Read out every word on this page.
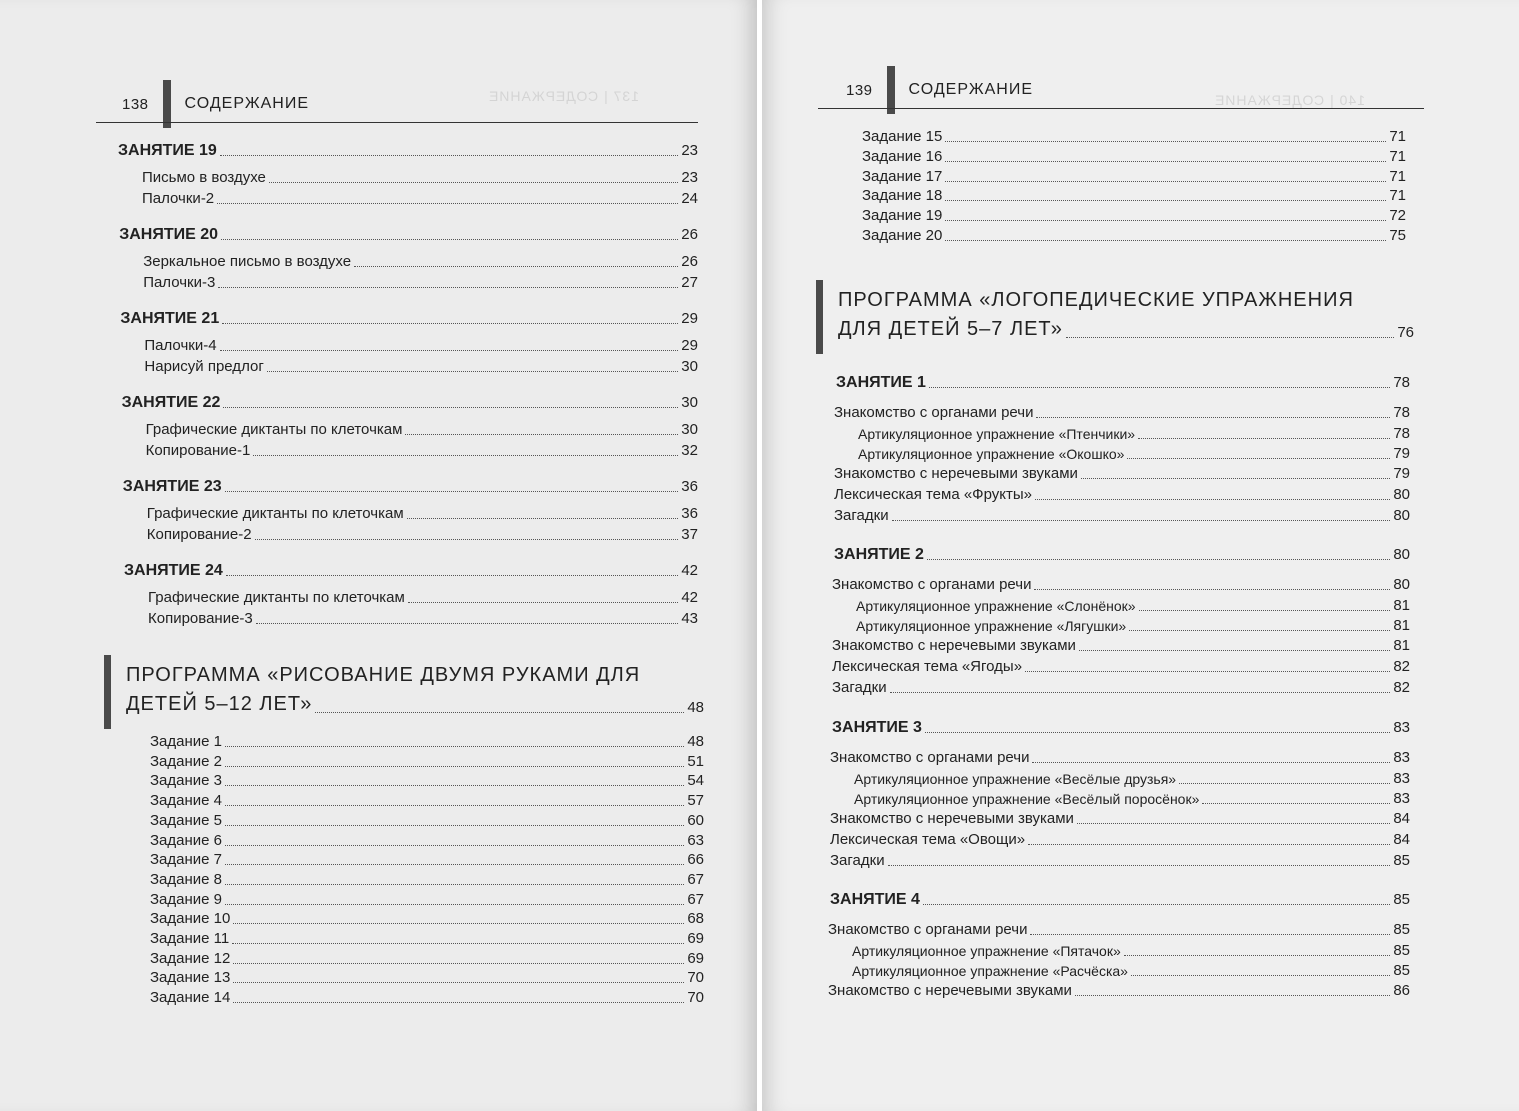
137 | СОДЕРЖАНИЕ
138 СОДЕРЖАНИЕ
ЗАНЯТИЕ 19	23
Письмо в воздухе	23
Палочки-2	24
ЗАНЯТИЕ 20	26
Зеркальное письмо в воздухе	26
Палочки-3	27
ЗАНЯТИЕ 21	29
Палочки-4	29
Нарисуй предлог	30
ЗАНЯТИЕ 22	30
Графические диктанты по клеточкам	30
Копирование-1	32
ЗАНЯТИЕ 23	36
Графические диктанты по клеточкам	36
Копирование-2	37
ЗАНЯТИЕ 24	42
Графические диктанты по клеточкам	42
Копирование-3	43
ПРОГРАММА «РИСОВАНИЕ ДВУМЯ РУКАМИ ДЛЯ
ДЕТЕЙ 5–12 ЛЕТ»	48
Задание 1	48
Задание 2	51
Задание 3	54
Задание 4	57
Задание 5	60
Задание 6	63
Задание 7	66
Задание 8	67
Задание 9	67
Задание 10	68
Задание 11	69
Задание 12	69
Задание 13	70
Задание 14	70
140 | СОДЕРЖАНИЕ
139 СОДЕРЖАНИЕ
Задание 15	71
Задание 16	71
Задание 17	71
Задание 18	71
Задание 19	72
Задание 20	75
ПРОГРАММА «ЛОГОПЕДИЧЕСКИЕ УПРАЖНЕНИЯ
ДЛЯ ДЕТЕЙ 5–7 ЛЕТ»	76
ЗАНЯТИЕ 1	78
Знакомство с органами речи	78
Артикуляционное упражнение «Птенчики»	78
Артикуляционное упражнение «Окошко»	79
Знакомство с неречевыми звуками	79
Лексическая тема «Фрукты»	80
Загадки	80
ЗАНЯТИЕ 2	80
Знакомство с органами речи	80
Артикуляционное упражнение «Слонёнок»	81
Артикуляционное упражнение «Лягушки»	81
Знакомство с неречевыми звуками	81
Лексическая тема «Ягоды»	82
Загадки	82
ЗАНЯТИЕ 3	83
Знакомство с органами речи	83
Артикуляционное упражнение «Весёлые друзья»	83
Артикуляционное упражнение «Весёлый поросёнок»	83
Знакомство с неречевыми звуками	84
Лексическая тема «Овощи»	84
Загадки	85
ЗАНЯТИЕ 4	85
Знакомство с органами речи	85
Артикуляционное упражнение «Пятачок»	85
Артикуляционное упражнение «Расчёска»	85
Знакомство с неречевыми звуками	86
